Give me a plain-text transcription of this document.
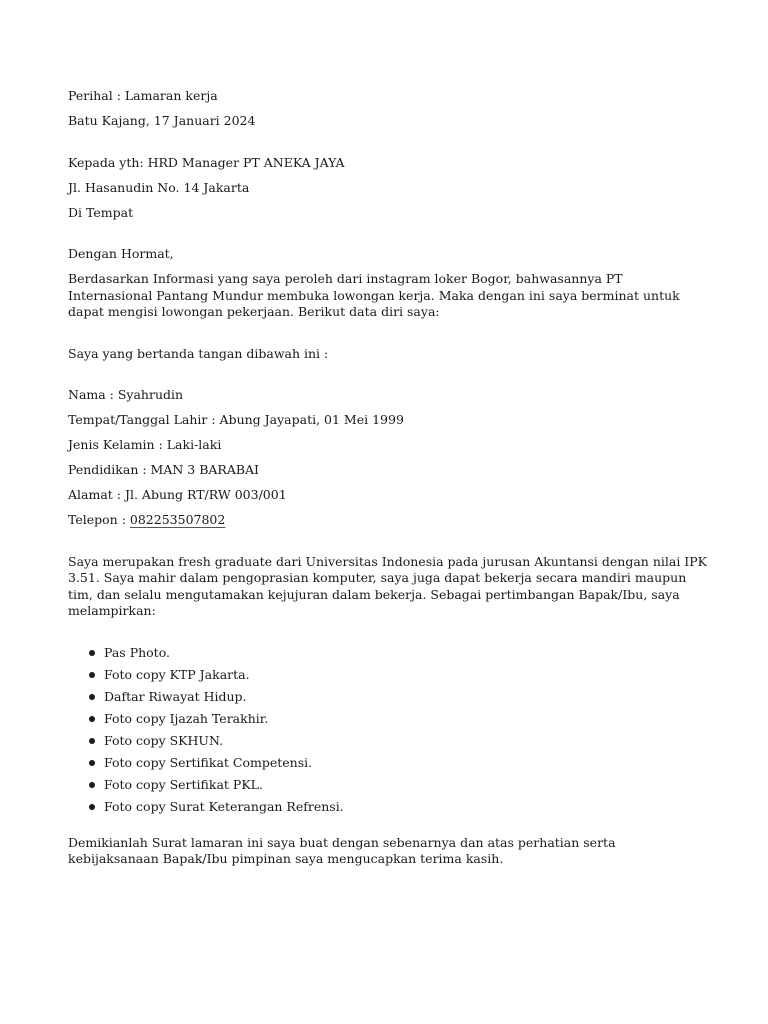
Perihal : Lamaran kerja
Batu Kajang, 17 Januari 2024
Kepada yth: HRD Manager PT ANEKA JAYA
Jl. Hasanudin No. 14 Jakarta
Di Tempat
Dengan Hormat,

Berdasarkan Informasi yang saya peroleh dari instagram loker Bogor, bahwasannya PT Internasional Pantang Mundur membuka lowongan kerja. Maka dengan ini saya berminat untuk dapat mengisi lowongan pekerjaan. Berikut data diri saya:

Saya yang bertanda tangan dibawah ini :
Nama : Syahrudin
Tempat/Tanggal Lahir : Abung Jayapati, 01 Mei 1999
Jenis Kelamin : Laki-laki
Pendidikan : MAN 3 BARABAI
Alamat : Jl. Abung RT/RW 003/001
Telepon : 082253507802

Saya merupakan fresh graduate dari Universitas Indonesia pada jurusan Akuntansi dengan nilai IPK 3.51. Saya mahir dalam pengoprasian komputer, saya juga dapat bekerja secara mandiri maupun tim, dan selalu mengutamakan kejujuran dalam bekerja. Sebagai pertimbangan Bapak/Ibu, saya melampirkan:

Pas Photo.
Foto copy KTP Jakarta.
Daftar Riwayat Hidup.
Foto copy Ijazah Terakhir.
Foto copy SKHUN.
Foto copy Sertifikat Competensi.
Foto copy Sertifikat PKL.
Foto copy Surat Keterangan Refrensi.

Demikianlah Surat lamaran ini saya buat dengan sebenarnya dan atas perhatian serta kebijaksanaan Bapak/Ibu pimpinan saya mengucapkan terima kasih.
